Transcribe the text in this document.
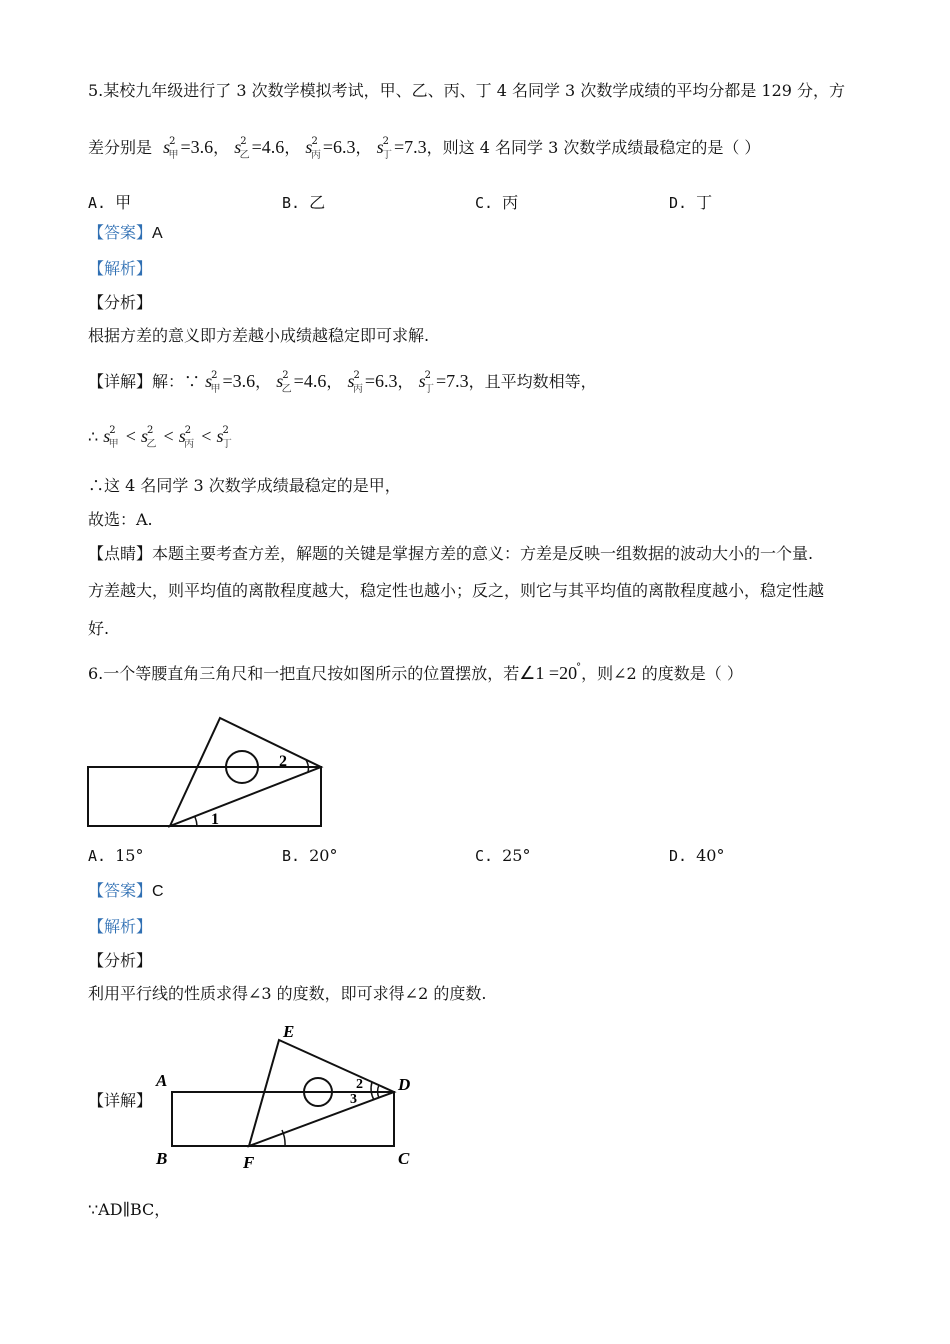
5.某校九年级进行了 3 次数学模拟考试，甲、乙、丙、丁 4 名同学 3 次数学成绩的平均分都是 129 分，方
差分别是 $s^2_甲 =3.6$， $s^2_乙 =4.6$， $s^2_丙 =6.3$， $s^2_丁 =7.3$，则这 4 名同学 3 次数学成绩最稳定的是（ ）
A. 甲	B. 乙	C. 丙	D. 丁
【答案】A
【解析】
【分析】
根据方差的意义即方差越小成绩越稳定即可求解.
【详解】解：∵ $s^2_甲 =3.6$， $s^2_乙 =4.6$， $s^2_丙 =6.3$， $s^2_丁 =7.3$，且平均数相等，
∴ $s^2_甲 < s^2_乙 < s^2_丙 < s^2_丁$
∴这 4 名同学 3 次数学成绩最稳定的是甲，
故选：A.
【点睛】本题主要考查方差，解题的关键是掌握方差的意义：方差是反映一组数据的波动大小的一个量.
方差越大，则平均值的离散程度越大，稳定性也越小；反之，则它与其平均值的离散程度越小，稳定性越
好.
6.一个等腰直角三角尺和一把直尺按如图所示的位置摆放，若∠1 =20°，则∠2 的度数是（ ）
2
1
A. 15°	B. 20°	C. 25°	D. 40°
【答案】C
【解析】
【分析】
利用平行线的性质求得∠3 的度数，即可求得∠2 的度数.
【详解】
E
A	D
B	F	C
2
3
∵AD∥BC，
